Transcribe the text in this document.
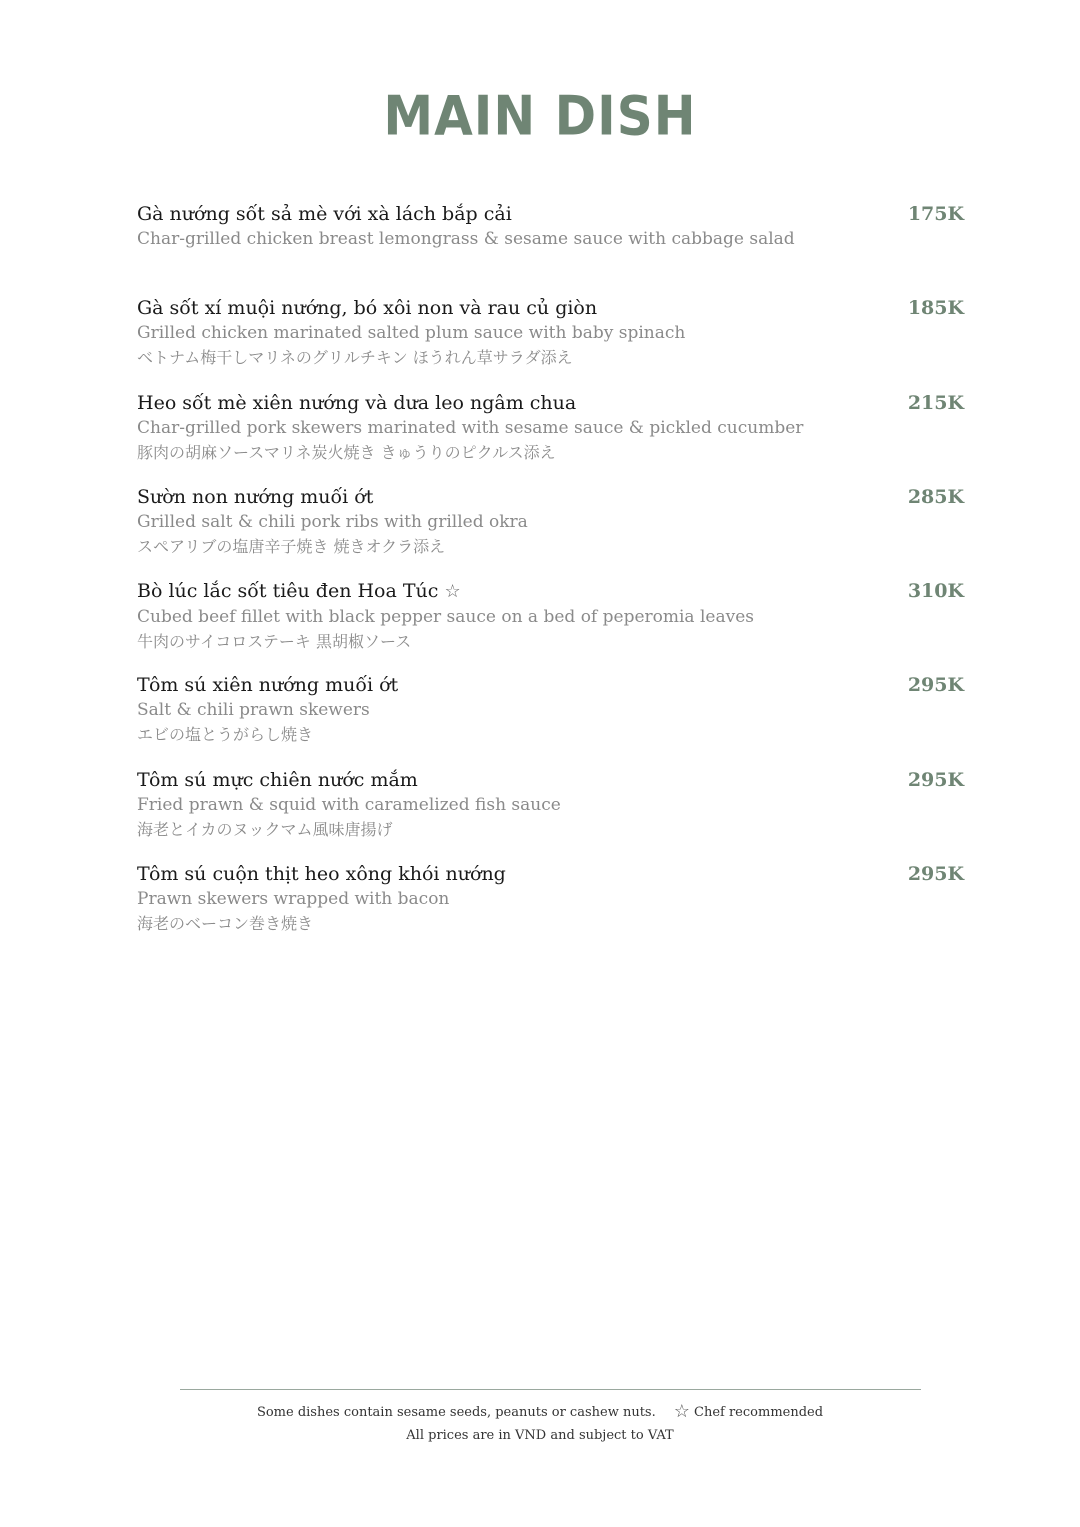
MAIN DISH
Gà nướng sốt sả mè với xà lách bắp cải
Char-grilled chicken breast lemongrass & sesame sauce with cabbage salad
175K
Gà sốt xí muội nướng, bó xôi non và rau củ giòn
Grilled chicken marinated salted plum sauce with baby spinach
ベトナム梅干しマリネのグリルチキン ほうれん草サラダ添え
185K
Heo sốt mè xiên nướng và dưa leo ngâm chua
Char-grilled pork skewers marinated with sesame sauce & pickled cucumber
豚肉の胡麻ソースマリネ炭火焼き きゅうりのピクルス添え
215K
Sườn non nướng muối ớt
Grilled salt & chili pork ribs with grilled okra
スペアリブの塩唐辛子焼き 焼きオクラ添え
285K
Bò lúc lắc sốt tiêu đen Hoa Túc ☆
Cubed beef fillet with black pepper sauce on a bed of peperomia leaves
牛肉のサイコロステーキ 黒胡椒ソース
310K
Tôm sú xiên nướng muối ớt
Salt & chili prawn skewers
エビの塩とうがらし焼き
295K
Tôm sú mực chiên nước mắm
Fried prawn & squid with caramelized fish sauce
海老とイカのヌックマム風味唐揚げ
295K
Tôm sú cuộn thịt heo xông khói nướng
Prawn skewers wrapped with bacon
海老のベーコン巻き焼き
295K
Some dishes contain sesame seeds, peanuts or cashew nuts. ☆ Chef recommended
All prices are in VND and subject to VAT
